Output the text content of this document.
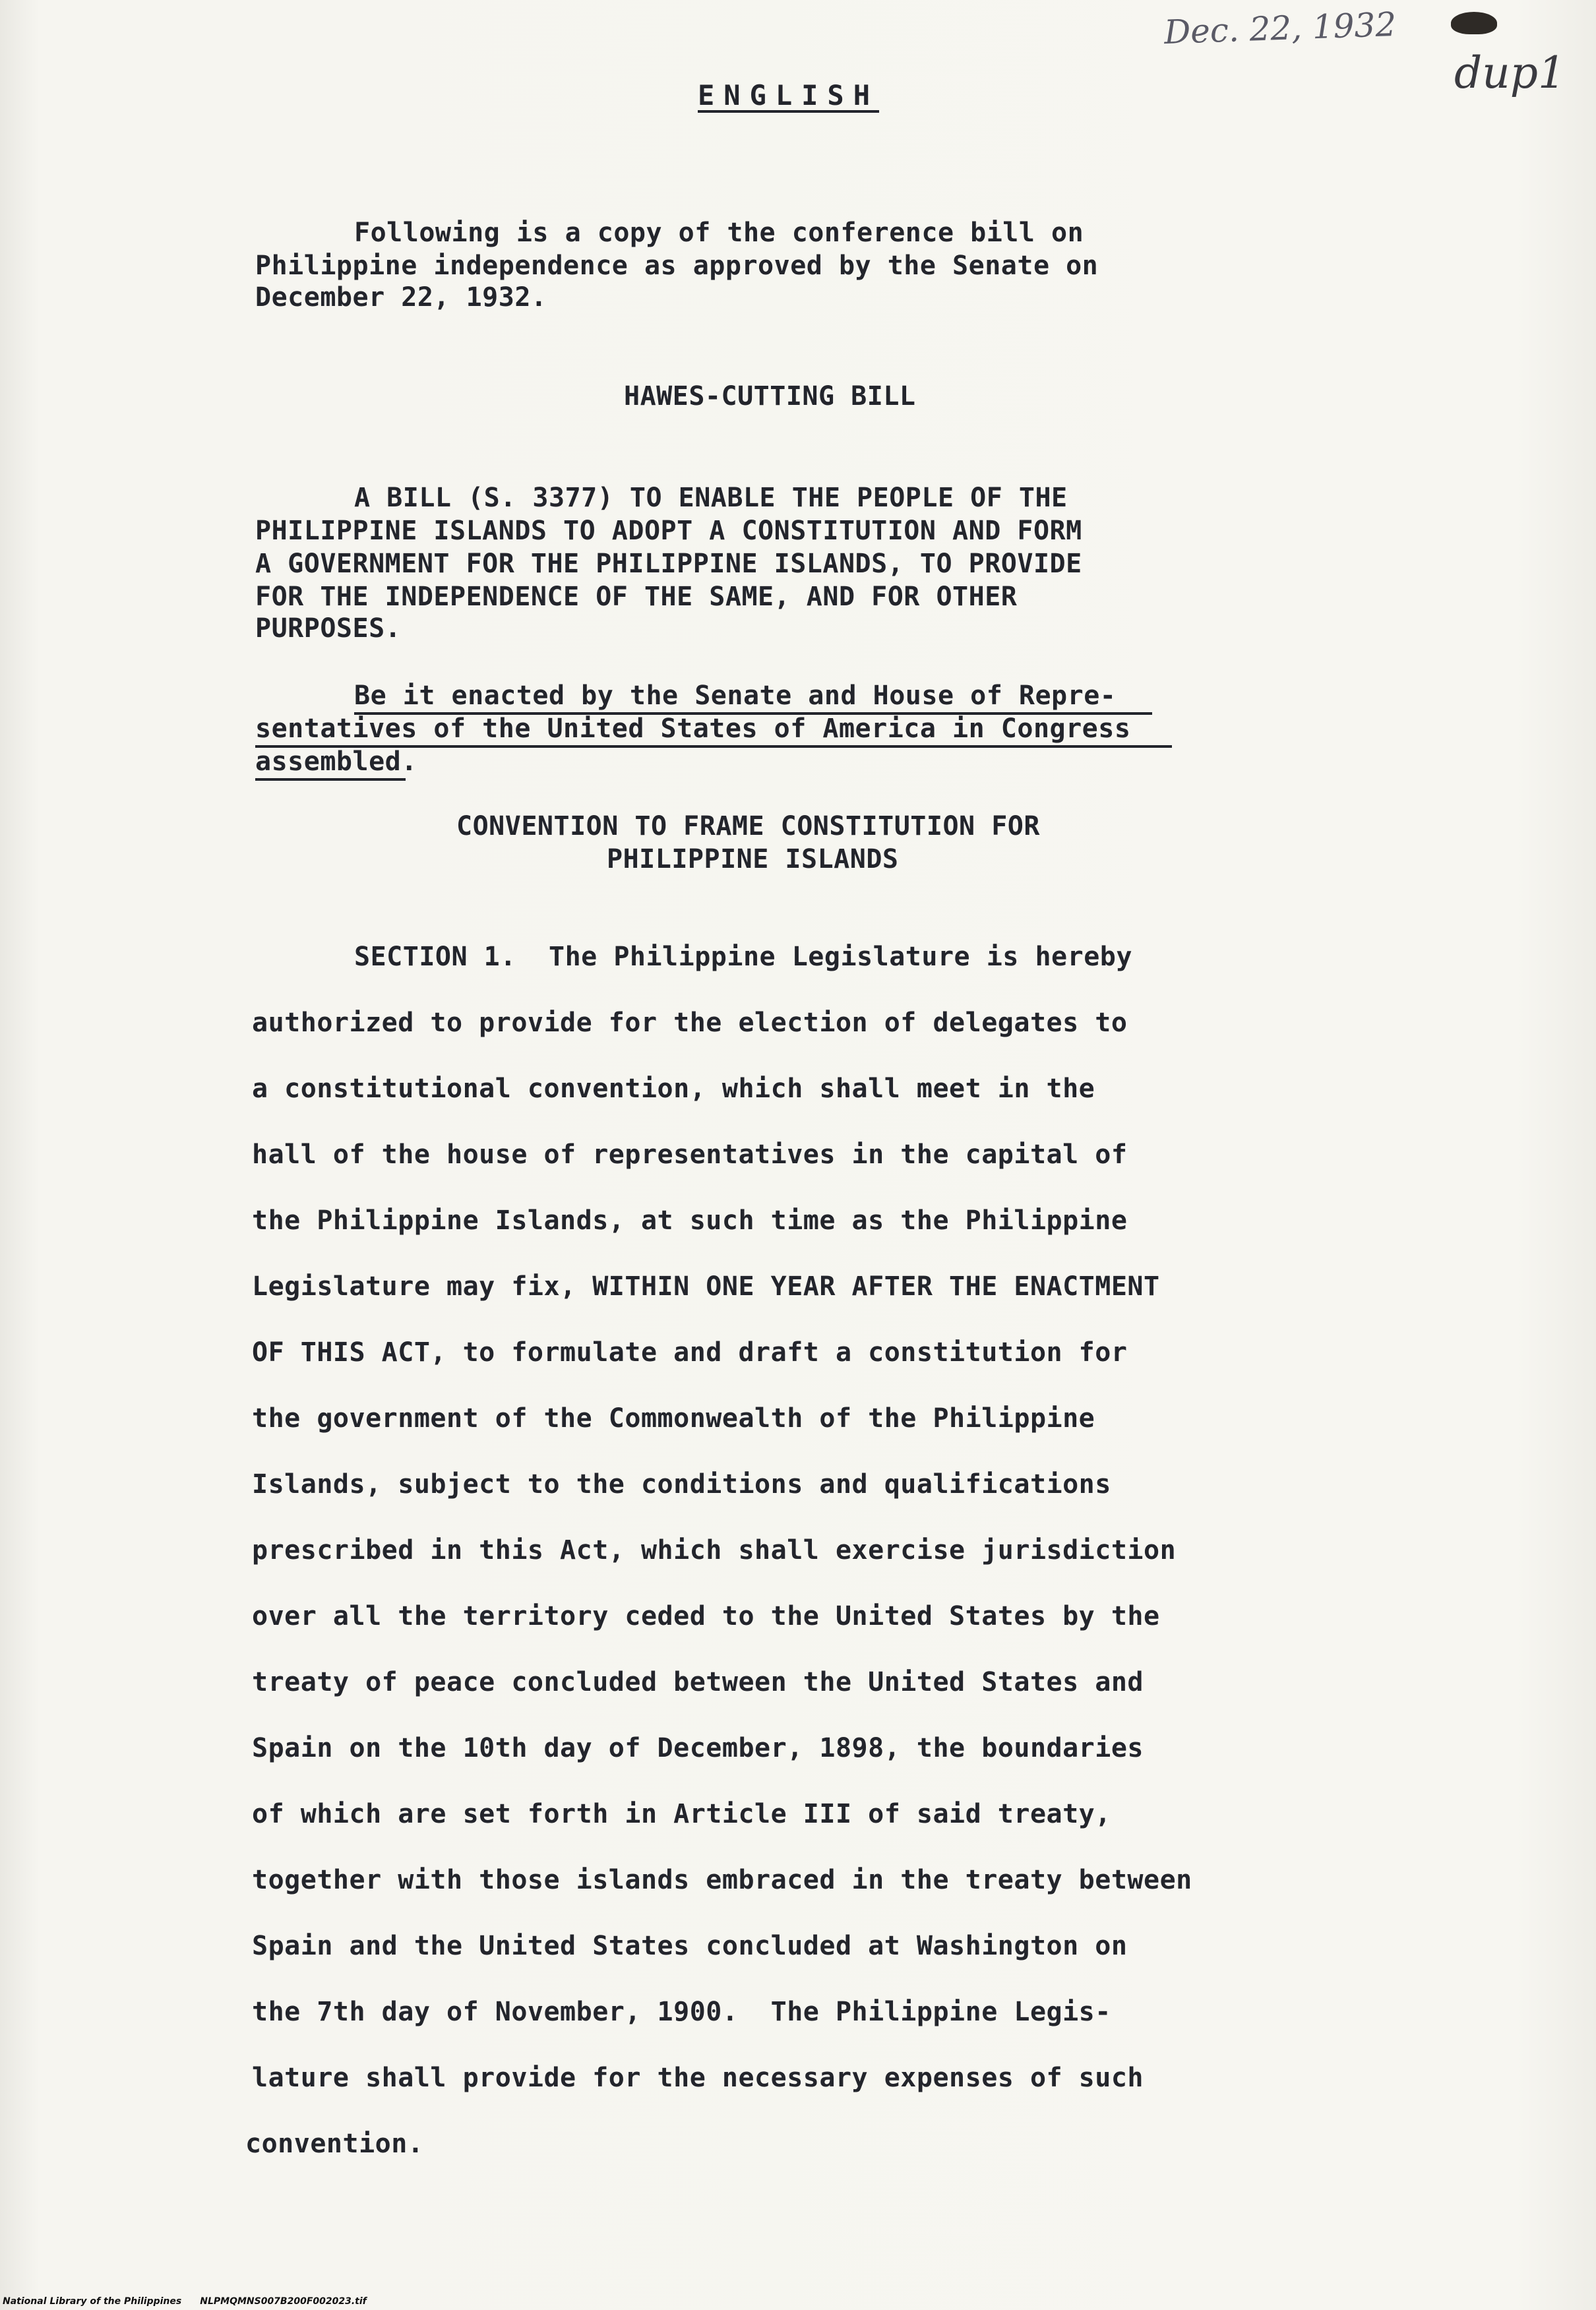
Dec. 22, 1932
dup1
ENGLISH
Following is a copy of the conference bill on
Philippine independence as approved by the Senate on
December 22, 1932.
HAWES-CUTTING BILL
A BILL (S. 3377) TO ENABLE THE PEOPLE OF THE
PHILIPPINE ISLANDS TO ADOPT A CONSTITUTION AND FORM
A GOVERNMENT FOR THE PHILIPPINE ISLANDS, TO PROVIDE
FOR THE INDEPENDENCE OF THE SAME, AND FOR OTHER
PURPOSES.
Be it enacted by the Senate and House of Repre-
sentatives of the United States of America in Congress
assembled.
CONVENTION TO FRAME CONSTITUTION FOR
PHILIPPINE ISLANDS
SECTION 1.  The Philippine Legislature is hereby
authorized to provide for the election of delegates to
a constitutional convention, which shall meet in the
hall of the house of representatives in the capital of
the Philippine Islands, at such time as the Philippine
Legislature may fix, WITHIN ONE YEAR AFTER THE ENACTMENT
OF THIS ACT, to formulate and draft a constitution for
the government of the Commonwealth of the Philippine
Islands, subject to the conditions and qualifications
prescribed in this Act, which shall exercise jurisdiction
over all the territory ceded to the United States by the
treaty of peace concluded between the United States and
Spain on the 10th day of December, 1898, the boundaries
of which are set forth in Article III of said treaty,
together with those islands embraced in the treaty between
Spain and the United States concluded at Washington on
the 7th day of November, 1900.  The Philippine Legis-
lature shall provide for the necessary expenses of such
convention.
National Library of the Philippines NLPMQMNS007B200F002023.tif
